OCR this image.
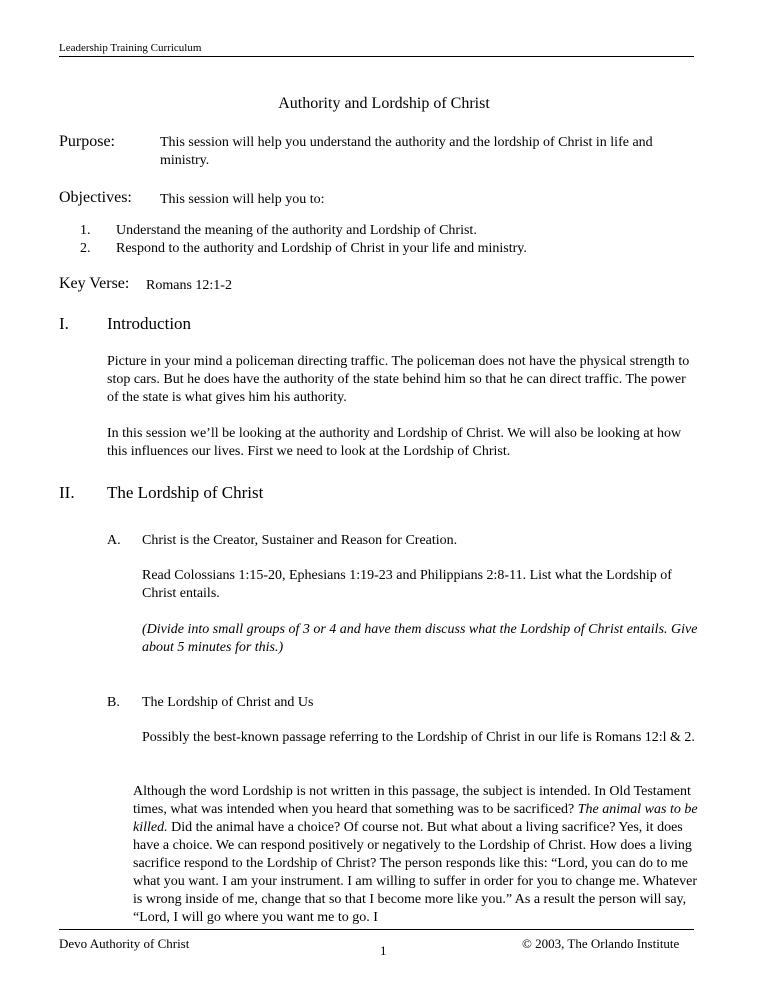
Leadership Training Curriculum
Authority and Lordship of Christ
Purpose:	This session will help you understand the authority and the lordship of Christ in life and ministry.
Objectives: This session will help you to:
1. Understand the meaning of the authority and Lordship of Christ.
2. Respond to the authority and Lordship of Christ in your life and ministry.
Key Verse: Romans 12:1-2
I. Introduction
Picture in your mind a policeman directing traffic. The policeman does not have the physical strength to stop cars. But he does have the authority of the state behind him so that he can direct traffic. The power of the state is what gives him his authority.
In this session we’ll be looking at the authority and Lordship of Christ. We will also be looking at how this influences our lives. First we need to look at the Lordship of Christ.
II. The Lordship of Christ
A. Christ is the Creator, Sustainer and Reason for Creation.
Read Colossians 1:15-20, Ephesians 1:19-23 and Philippians 2:8-11. List what the Lordship of Christ entails.
(Divide into small groups of 3 or 4 and have them discuss what the Lordship of Christ entails. Give about 5 minutes for this.)
B. The Lordship of Christ and Us
Possibly the best-known passage referring to the Lordship of Christ in our life is Romans 12:l & 2.
Although the word Lordship is not written in this passage, the subject is intended. In Old Testament times, what was intended when you heard that something was to be sacrificed? The animal was to be killed. Did the animal have a choice? Of course not. But what about a living sacrifice? Yes, it does have a choice. We can respond positively or negatively to the Lordship of Christ. How does a living sacrifice respond to the Lordship of Christ? The person responds like this: “Lord, you can do to me what you want. I am your instrument. I am willing to suffer in order for you to change me. Whatever is wrong inside of me, change that so that I become more like you.” As a result the person will say, “Lord, I will go where you want me to go. I
Devo Authority of Christ	1	© 2003, The Orlando Institute
